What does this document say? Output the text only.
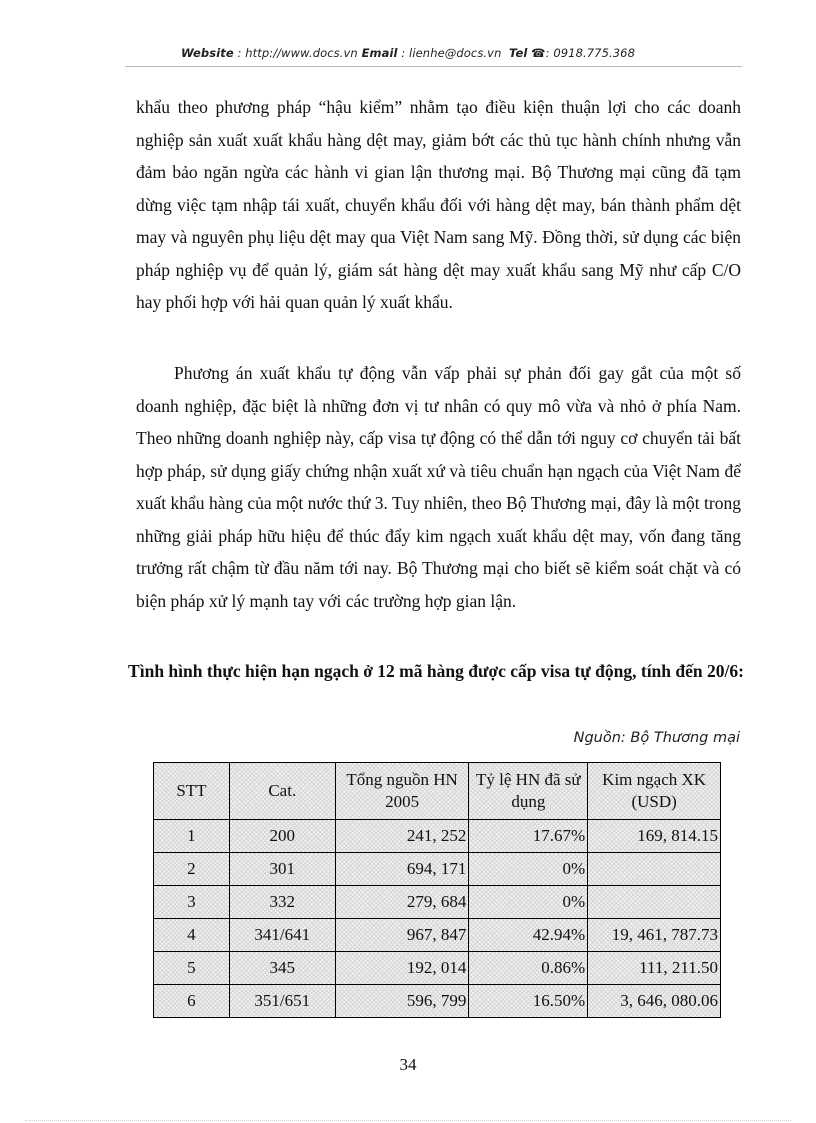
Website : http://www.docs.vn Email : lienhe@docs.vn Tel ☎: 0918.775.368
khẩu theo phương pháp “hậu kiểm” nhằm tạo điều kiện thuận lợi cho các doanh nghiệp sản xuất xuất khẩu hàng dệt may, giảm bớt các thủ tục hành chính nhưng vẫn đảm bảo ngăn ngừa các hành vi gian lận thương mại. Bộ Thương mại cũng đã tạm dừng việc tạm nhập tái xuất, chuyển khẩu đối với hàng dệt may, bán thành phẩm dệt may và nguyên phụ liệu dệt may qua Việt Nam sang Mỹ. Đồng thời, sử dụng các biện pháp nghiệp vụ để quản lý, giám sát hàng dệt may xuất khẩu sang Mỹ như cấp C/O hay phối hợp với hải quan quản lý xuất khẩu.
Phương án xuất khẩu tự động vẫn vấp phải sự phản đối gay gắt của một số doanh nghiệp, đặc biệt là những đơn vị tư nhân có quy mô vừa và nhỏ ở phía Nam. Theo những doanh nghiệp này, cấp visa tự động có thể dẫn tới nguy cơ chuyển tải bất hợp pháp, sử dụng giấy chứng nhận xuất xứ và tiêu chuẩn hạn ngạch của Việt Nam để xuất khẩu hàng của một nước thứ 3. Tuy nhiên, theo Bộ Thương mại, đây là một trong những giải pháp hữu hiệu để thúc đẩy kim ngạch xuất khẩu dệt may, vốn đang tăng trưởng rất chậm từ đầu năm tới nay. Bộ Thương mại cho biết sẽ kiểm soát chặt và có biện pháp xử lý mạnh tay với các trường hợp gian lận.
Tình hình thực hiện hạn ngạch ở 12 mã hàng được cấp visa tự động, tính đến 20/6:
Nguồn: Bộ Thương mại
STT	Cat.	Tổng nguồn HN 2005	Tỷ lệ HN đã sử dụng	Kim ngạch XK (USD)
1	200	241, 252	17.67%	169, 814.15
2	301	694, 171	0%	
3	332	279, 684	0%	
4	341/641	967, 847	42.94%	19, 461, 787.73
5	345	192, 014	0.86%	111, 211.50
6	351/651	596, 799	16.50%	3, 646, 080.06
34
